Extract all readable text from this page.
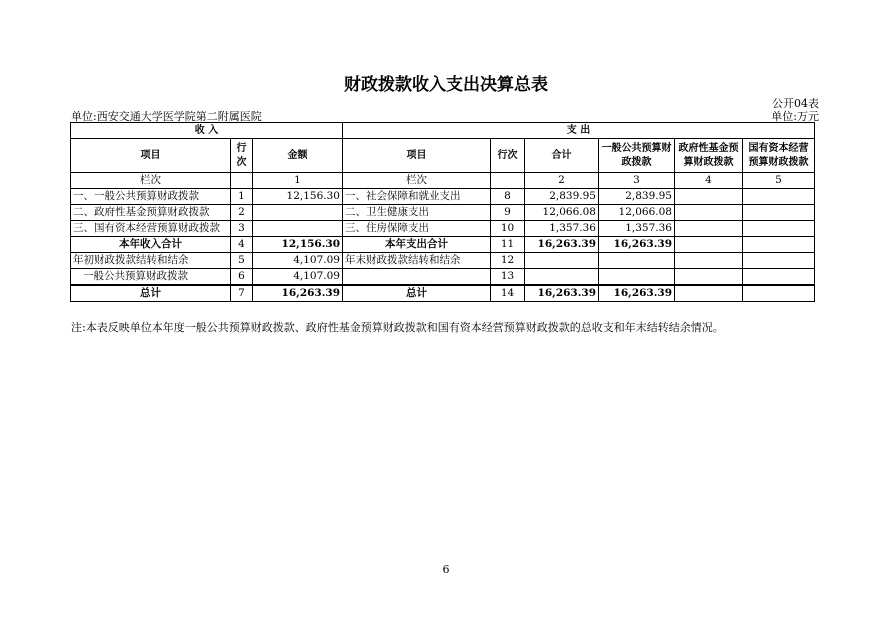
财政拨款收入支出决算总表
公开04表
单位:西安交通大学医学院第二附属医院	单位:万元
收 入			支 出					
项目	行次	金额	项目	行次	合计	一般公共预算财政拨款	政府性基金预算财政拨款	国有资本经营预算财政拨款
栏次		1	栏次		2	3	4	5
一、一般公共预算财政拨款	1	12,156.30	一、社会保障和就业支出	8	2,839.95	2,839.95		
二、政府性基金预算财政拨款	2		二、卫生健康支出	9	12,066.08	12,066.08		
三、国有资本经营预算财政拨款	3		三、住房保障支出	10	1,357.36	1,357.36		
本年收入合计	4	12,156.30	本年支出合计	11	16,263.39	16,263.39		
年初财政拨款结转和结余	5	4,107.09	年末财政拨款结转和结余	12				
一般公共预算财政拨款	6	4,107.09		13				
总计	7	16,263.39	总计	14	16,263.39	16,263.39		
注:本表反映单位本年度一般公共预算财政拨款、政府性基金预算财政拨款和国有资本经营预算财政拨款的总收支和年末结转结余情况。
6
